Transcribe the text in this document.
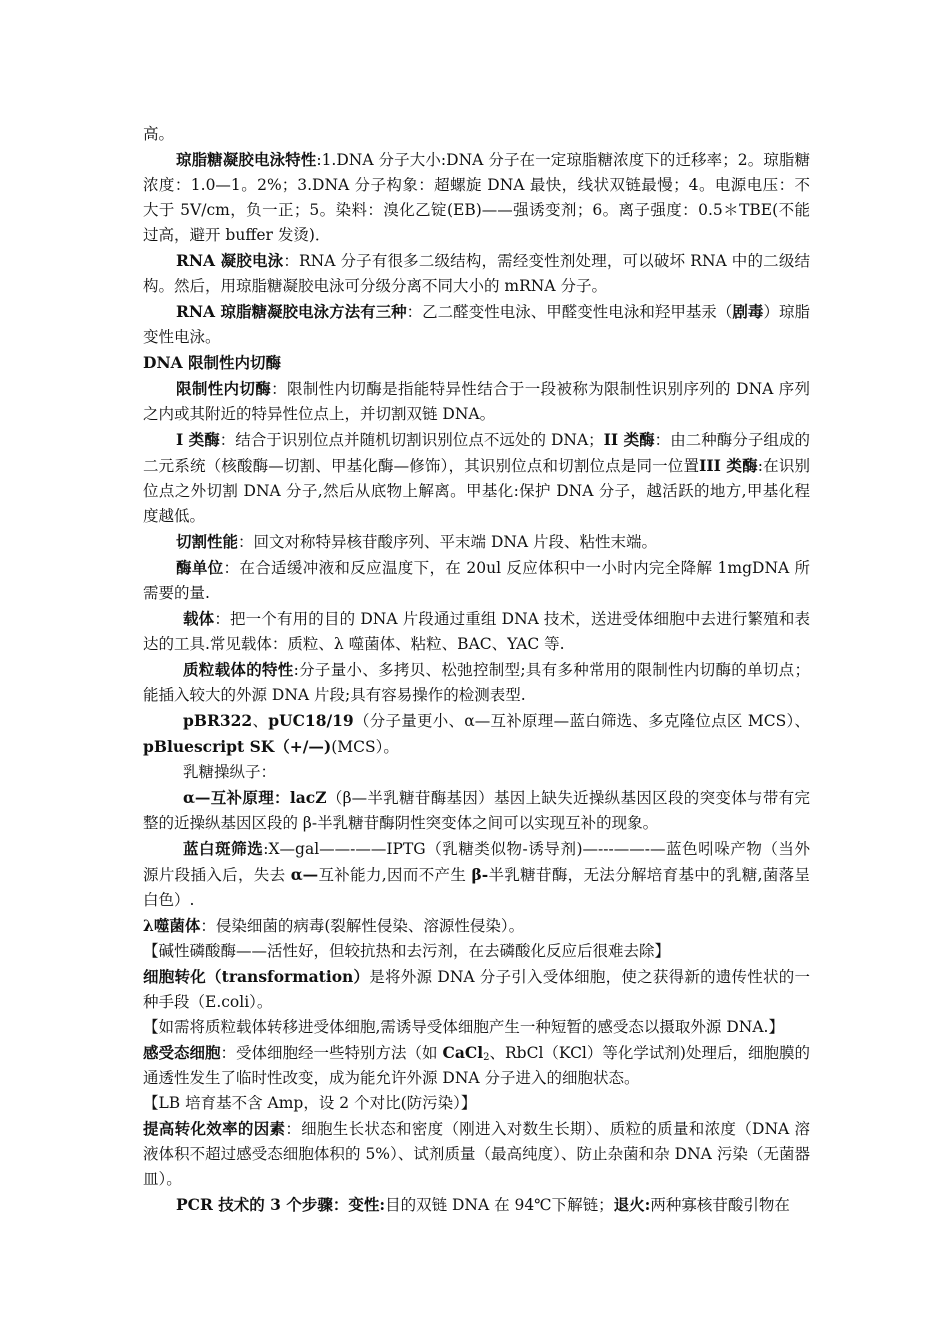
高。

琼脂糖凝胶电泳特性:1.DNA 分子大小:DNA 分子在一定琼脂糖浓度下的迁移率；2。琼脂糖浓度：1.0—1。2%；3.DNA 分子构象：超螺旋 DNA 最快，线状双链最慢；4。电源电压：不大于 5V/cm，负一正；5。染料：溴化乙锭(EB)——强诱变剂；6。离子强度：0.5＊TBE(不能过高，避开 buffer 发烫)．

RNA 凝胶电泳：RNA 分子有很多二级结构，需经变性剂处理，可以破坏 RNA 中的二级结构。然后，用琼脂糖凝胶电泳可分级分离不同大小的 mRNA 分子。

RNA 琼脂糖凝胶电泳方法有三种：乙二醛变性电泳、甲醛变性电泳和羟甲基汞（剧毒）琼脂变性电泳。

DNA 限制性内切酶

限制性内切酶：限制性内切酶是指能特异性结合于一段被称为限制性识别序列的 DNA 序列之内或其附近的特异性位点上，并切割双链 DNA。

I 类酶：结合于识别位点并随机切割识别位点不远处的 DNA；II 类酶：由二种酶分子组成的二元系统（核酸酶—切割、甲基化酶—修饰），其识别位点和切割位点是同一位置III 类酶:在识别位点之外切割 DNA 分子,然后从底物上解离。甲基化:保护 DNA 分子，越活跃的地方,甲基化程度越低。

切割性能：回文对称特异核苷酸序列、平末端 DNA 片段、粘性末端。

酶单位：在合适缓冲液和反应温度下，在 20ul 反应体积中一小时内完全降解 1mgDNA 所需要的量.

载体：把一个有用的目的 DNA 片段通过重组 DNA 技术，送进受体细胞中去进行繁殖和表达的工具.常见载体：质粒、λ 噬菌体、粘粒、BAC、YAC 等.

质粒载体的特性:分子量小、多拷贝、松弛控制型;具有多种常用的限制性内切酶的单切点；能插入较大的外源 DNA 片段;具有容易操作的检测表型.

pBR322、pUC18/19（分子量更小、α—互补原理—蓝白筛选、多克隆位点区 MCS）、pBluescript SK（+/—)(MCS）。

乳糖操纵子：

α—互补原理：lacZ（β—半乳糖苷酶基因）基因上缺失近操纵基因区段的突变体与带有完整的近操纵基因区段的 β-半乳糖苷酶阴性突变体之间可以实现互补的现象。

蓝白斑筛选:X—gal——-——IPTG（乳糖类似物-诱导剂)—---——-—蓝色吲哚产物（当外源片段插入后，失去 α—互补能力,因而不产生 β-半乳糖苷酶，无法分解培育基中的乳糖,菌落呈白色）.

λ噬菌体：侵染细菌的病毒(裂解性侵染、溶源性侵染）。

【碱性磷酸酶——活性好，但较抗热和去污剂，在去磷酸化反应后很难去除】

细胞转化（transformation）是将外源 DNA 分子引入受体细胞，使之获得新的遗传性状的一种手段（E.coli）。

【如需将质粒载体转移进受体细胞,需诱导受体细胞产生一种短暂的感受态以摄取外源 DNA.】

感受态细胞：受体细胞经一些特别方法（如 CaCl$_2$、RbCl（KCl）等化学试剂)处理后，细胞膜的通透性发生了临时性改变，成为能允许外源 DNA 分子进入的细胞状态。

【LB 培育基不含 Amp，设 2 个对比(防污染）】

提高转化效率的因素：细胞生长状态和密度（刚进入对数生长期）、质粒的质量和浓度（DNA 溶液体积不超过感受态细胞体积的 5%）、试剂质量（最高纯度）、防止杂菌和杂 DNA 污染（无菌器皿）。

PCR 技术的 3 个步骤：变性:目的双链 DNA 在 94℃下解链；退火:两种寡核苷酸引物在
